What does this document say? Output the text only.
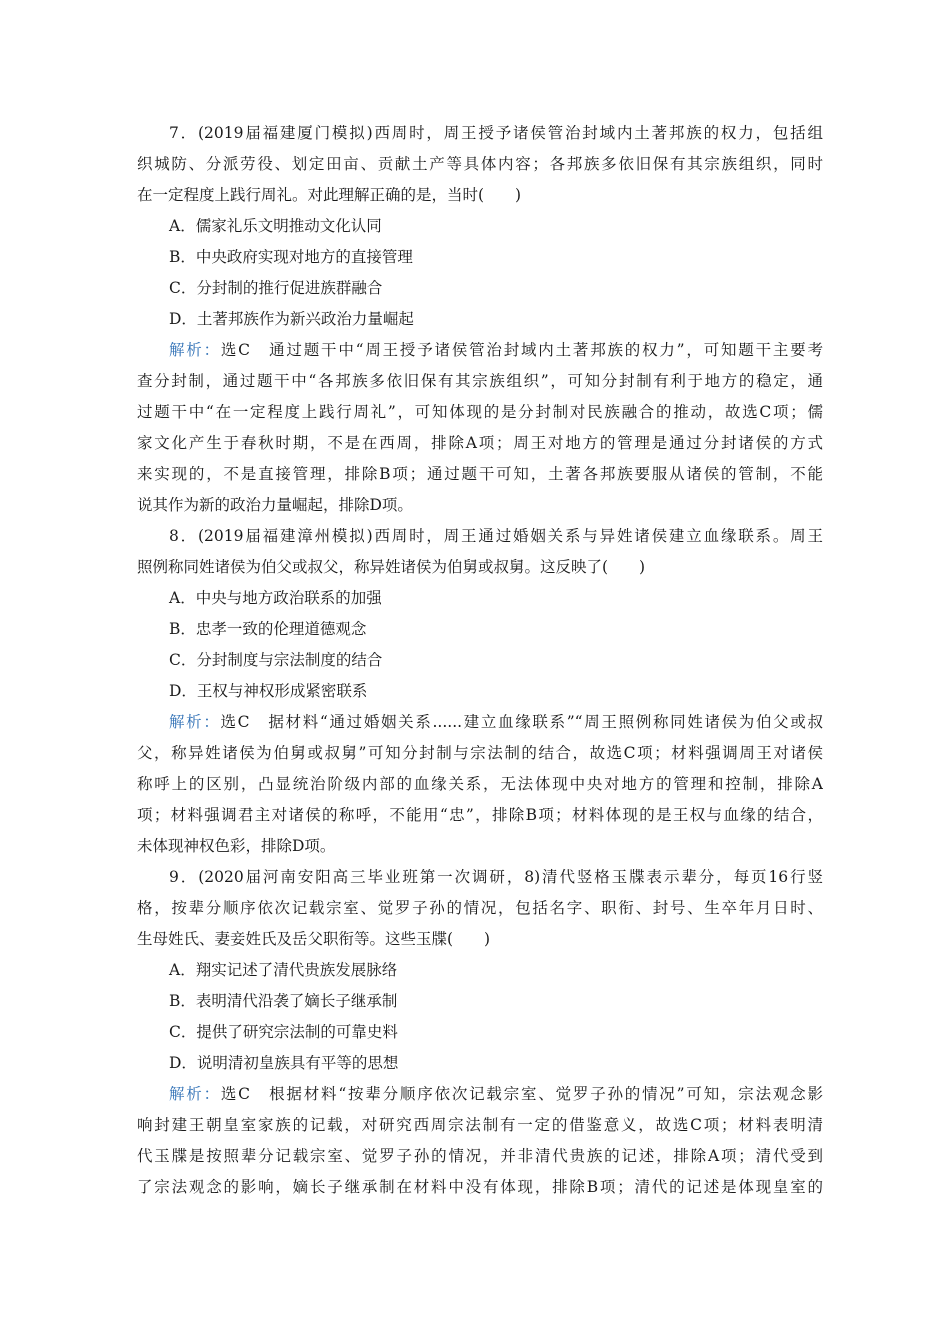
7．(2019届福建厦门模拟)西周时，周王授予诸侯管治封域内土著邦族的权力，包括组
织城防、分派劳役、划定田亩、贡献土产等具体内容；各邦族多依旧保有其宗族组织，同时
在一定程度上践行周礼。对此理解正确的是，当时(　　)
A．儒家礼乐文明推动文化认同
B．中央政府实现对地方的直接管理
C．分封制的推行促进族群融合
D．土著邦族作为新兴政治力量崛起
解析：选C　通过题干中“周王授予诸侯管治封域内土著邦族的权力”，可知题干主要考
查分封制，通过题干中“各邦族多依旧保有其宗族组织”，可知分封制有利于地方的稳定，通
过题干中“在一定程度上践行周礼”，可知体现的是分封制对民族融合的推动，故选C项；儒
家文化产生于春秋时期，不是在西周，排除A项；周王对地方的管理是通过分封诸侯的方式
来实现的，不是直接管理，排除B项；通过题干可知，土著各邦族要服从诸侯的管制，不能
说其作为新的政治力量崛起，排除D项。
8．(2019届福建漳州模拟)西周时，周王通过婚姻关系与异姓诸侯建立血缘联系。周王
照例称同姓诸侯为伯父或叔父，称异姓诸侯为伯舅或叔舅。这反映了(　　)
A．中央与地方政治联系的加强
B．忠孝一致的伦理道德观念
C．分封制度与宗法制度的结合
D．王权与神权形成紧密联系
解析：选C　据材料“通过婚姻关系......建立血缘联系”“周王照例称同姓诸侯为伯父或叔
父，称异姓诸侯为伯舅或叔舅”可知分封制与宗法制的结合，故选C项；材料强调周王对诸侯
称呼上的区别，凸显统治阶级内部的血缘关系，无法体现中央对地方的管理和控制，排除A
项；材料强调君主对诸侯的称呼，不能用“忠”，排除B项；材料体现的是王权与血缘的结合，
未体现神权色彩，排除D项。
9．(2020届河南安阳高三毕业班第一次调研，8)清代竖格玉牒表示辈分，每页16行竖
格，按辈分顺序依次记载宗室、觉罗子孙的情况，包括名字、职衔、封号、生卒年月日时、
生母姓氏、妻妾姓氏及岳父职衔等。这些玉牒(　　)
A．翔实记述了清代贵族发展脉络
B．表明清代沿袭了嫡长子继承制
C．提供了研究宗法制的可靠史料
D．说明清初皇族具有平等的思想
解析：选C　根据材料“按辈分顺序依次记载宗室、觉罗子孙的情况”可知，宗法观念影
响封建王朝皇室家族的记载，对研究西周宗法制有一定的借鉴意义，故选C项；材料表明清
代玉牒是按照辈分记载宗室、觉罗子孙的情况，并非清代贵族的记述，排除A项；清代受到
了宗法观念的影响，嫡长子继承制在材料中没有体现，排除B项；清代的记述是体现皇室的
